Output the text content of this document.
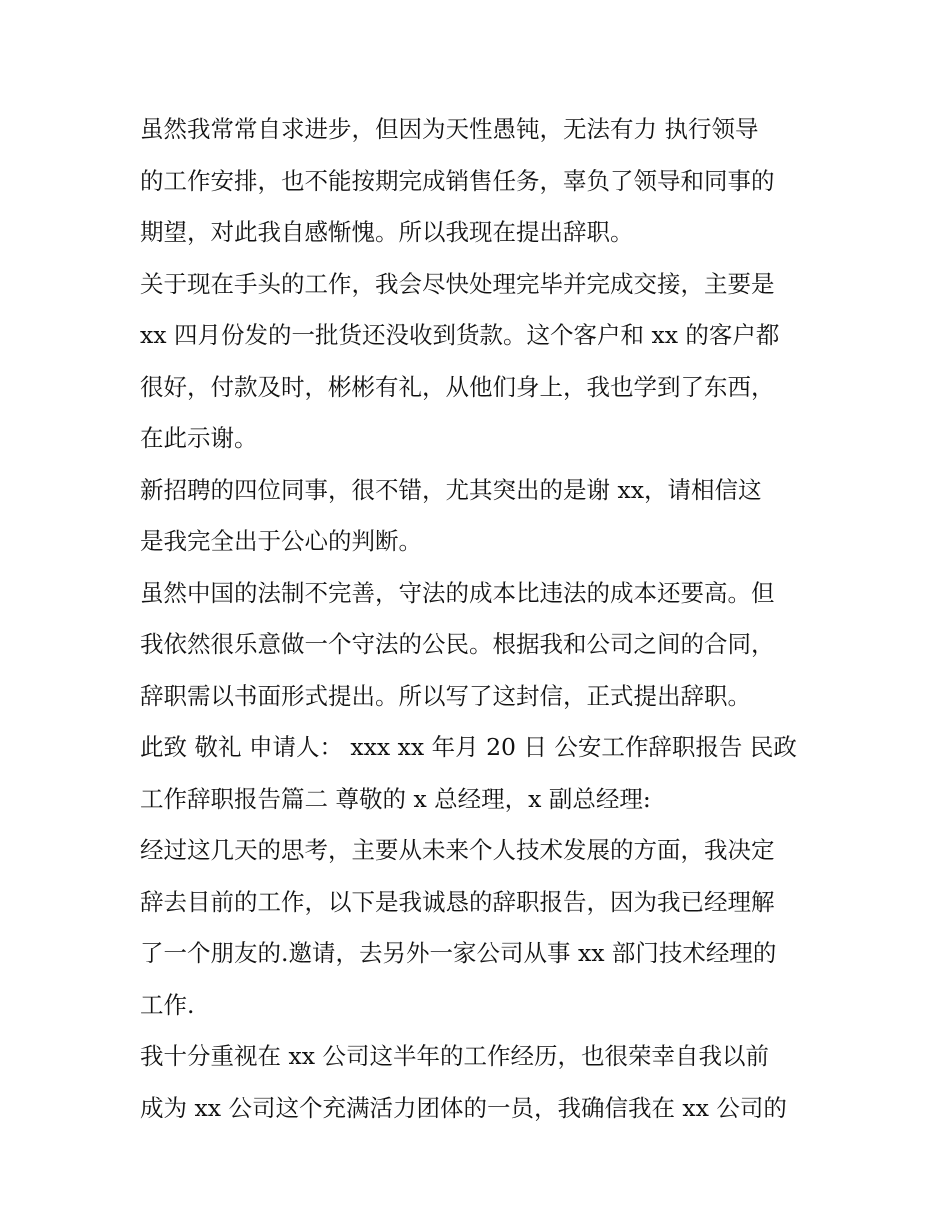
虽然我常常自求进步，但因为天性愚钝，无法有力 执行领导
的工作安排，也不能按期完成销售任务，辜负了领导和同事的
期望，对此我自感惭愧。所以我现在提出辞职。
关于现在手头的工作，我会尽快处理完毕并完成交接，主要是
xx 四月份发的一批货还没收到货款。这个客户和 xx 的客户都
很好，付款及时，彬彬有礼，从他们身上，我也学到了东西，
在此示谢。
新招聘的四位同事，很不错，尤其突出的是谢 xx，请相信这
是我完全出于公心的判断。
虽然中国的法制不完善，守法的成本比违法的成本还要高。但
我依然很乐意做一个守法的公民。根据我和公司之间的合同，
辞职需以书面形式提出。所以写了这封信，正式提出辞职。
此致 敬礼 申请人： xxx xx 年月 20 日 公安工作辞职报告 民政
工作辞职报告篇二 尊敬的 x 总经理，x 副总经理:
经过这几天的思考，主要从未来个人技术发展的方面，我决定
辞去目前的工作，以下是我诚恳的辞职报告，因为我已经理解
了一个朋友的.邀请，去另外一家公司从事 xx 部门技术经理的
工作.
我十分重视在 xx 公司这半年的工作经历，也很荣幸自我以前
成为 xx 公司这个充满活力团体的一员，我确信我在 xx 公司的
